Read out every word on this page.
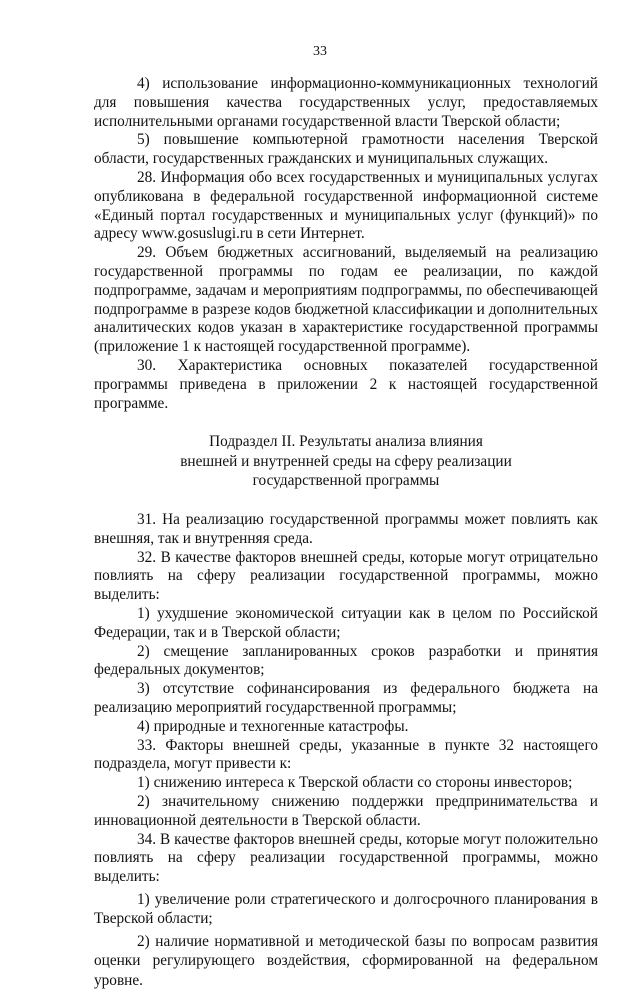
33

4) использование информационно-коммуникационных технологий для повышения качества государственных услуг, предоставляемых исполнительными органами государственной власти Тверской области;

5) повышение компьютерной грамотности населения Тверской области, государственных гражданских и муниципальных служащих.

28. Информация обо всех государственных и муниципальных услугах опубликована в федеральной государственной информационной системе «Единый портал государственных и муниципальных услуг (функций)» по адресу www.gosuslugi.ru в сети Интернет.

29. Объем бюджетных ассигнований, выделяемый на реализацию государственной программы по годам ее реализации, по каждой подпрограмме, задачам и мероприятиям подпрограммы, по обеспечивающей подпрограмме в разрезе кодов бюджетной классификации и дополнительных аналитических кодов указан в характеристике государственной программы (приложение 1 к настоящей государственной программе).

30. Характеристика основных показателей государственной программы приведена в приложении 2 к настоящей государственной программе.

Подраздел II. Результаты анализа влияния
внешней и внутренней среды на сферу реализации
государственной программы

31. На реализацию государственной программы может повлиять как внешняя, так и внутренняя среда.

32. В качестве факторов внешней среды, которые могут отрицательно повлиять на сферу реализации государственной программы, можно выделить:

1) ухудшение экономической ситуации как в целом по Российской Федерации, так и в Тверской области;

2) смещение запланированных сроков разработки и принятия федеральных документов;

3) отсутствие софинансирования из федерального бюджета на реализацию мероприятий государственной программы;

4) природные и техногенные катастрофы.

33. Факторы внешней среды, указанные в пункте 32 настоящего подраздела, могут привести к:

1) снижению интереса к Тверской области со стороны инвесторов;

2) значительному снижению поддержки предпринимательства и инновационной деятельности в Тверской области.

34. В качестве факторов внешней среды, которые могут положительно повлиять на сферу реализации государственной программы, можно выделить:

1) увеличение роли стратегического и долгосрочного планирования в Тверской области;

2) наличие нормативной и методической базы по вопросам развития оценки регулирующего воздействия, сформированной на федеральном уровне.
